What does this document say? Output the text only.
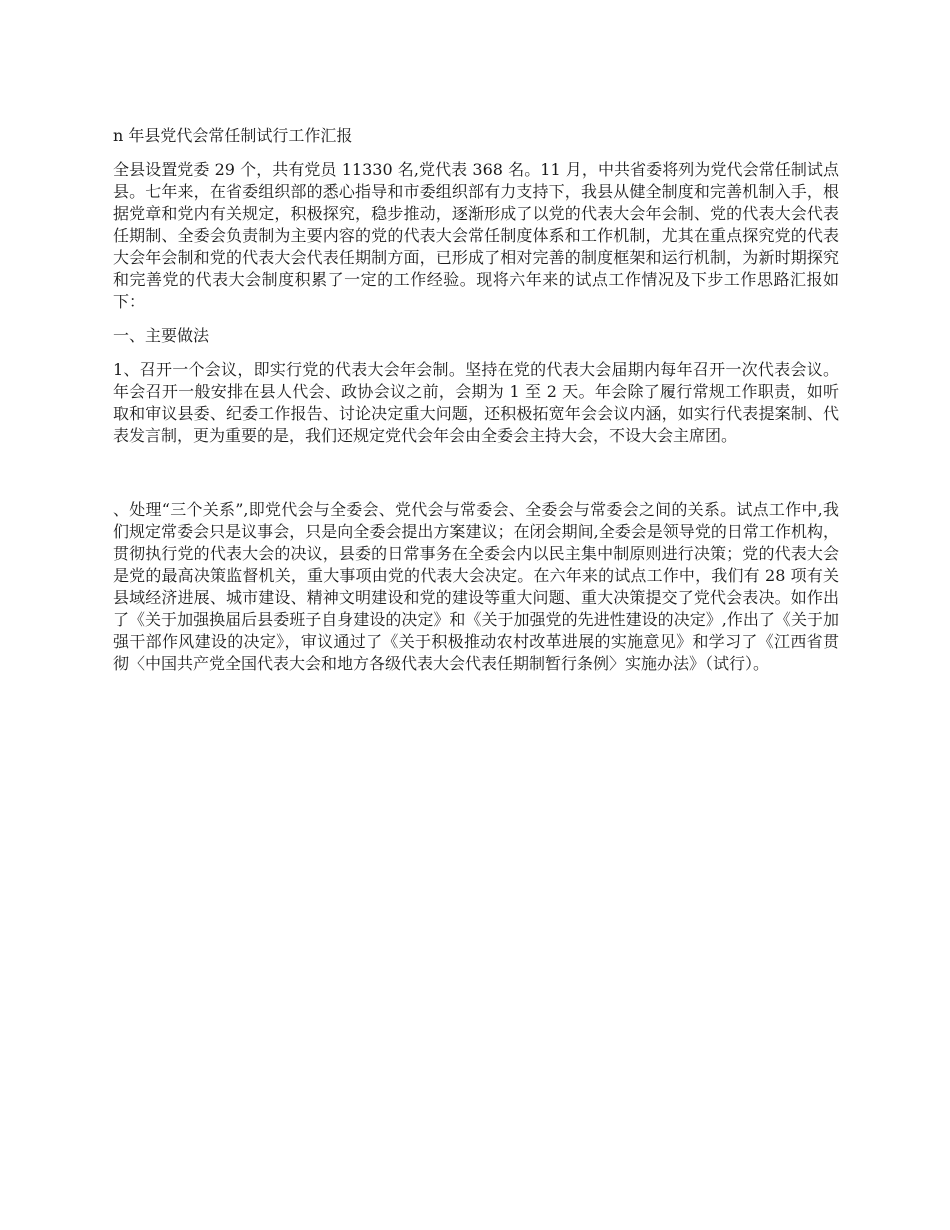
n 年县党代会常任制试行工作汇报

全县设置党委 29 个，共有党员 11330 名,党代表 368 名。11 月，中共省委将列为党代会常任制试点县。七年来，在省委组织部的悉心指导和市委组织部有力支持下，我县从健全制度和完善机制入手，根据党章和党内有关规定，积极探究，稳步推动，逐渐形成了以党的代表大会年会制、党的代表大会代表任期制、全委会负责制为主要内容的党的代表大会常任制度体系和工作机制，尤其在重点探究党的代表大会年会制和党的代表大会代表任期制方面，已形成了相对完善的制度框架和运行机制，为新时期探究和完善党的代表大会制度积累了一定的工作经验。现将六年来的试点工作情况及下步工作思路汇报如下：

一、主要做法

1、召开一个会议，即实行党的代表大会年会制。坚持在党的代表大会届期内每年召开一次代表会议。年会召开一般安排在县人代会、政协会议之前，会期为 1 至 2 天。年会除了履行常规工作职责，如听取和审议县委、纪委工作报告、讨论决定重大问题，还积极拓宽年会会议内涵，如实行代表提案制、代表发言制，更为重要的是，我们还规定党代会年会由全委会主持大会，不设大会主席团。

、处理“三个关系”,即党代会与全委会、党代会与常委会、全委会与常委会之间的关系。试点工作中,我们规定常委会只是议事会，只是向全委会提出方案建议；在闭会期间,全委会是领导党的日常工作机构，贯彻执行党的代表大会的决议，县委的日常事务在全委会内以民主集中制原则进行决策；党的代表大会是党的最高决策监督机关，重大事项由党的代表大会决定。在六年来的试点工作中，我们有 28 项有关县域经济进展、城市建设、精神文明建设和党的建设等重大问题、重大决策提交了党代会表决。如作出了《关于加强换届后县委班子自身建设的决定》和《关于加强党的先进性建设的决定》,作出了《关于加强干部作风建设的决定》，审议通过了《关于积极推动农村改革进展的实施意见》和学习了《江西省贯彻〈中国共产党全国代表大会和地方各级代表大会代表任期制暂行条例〉实施办法》（试行）。
